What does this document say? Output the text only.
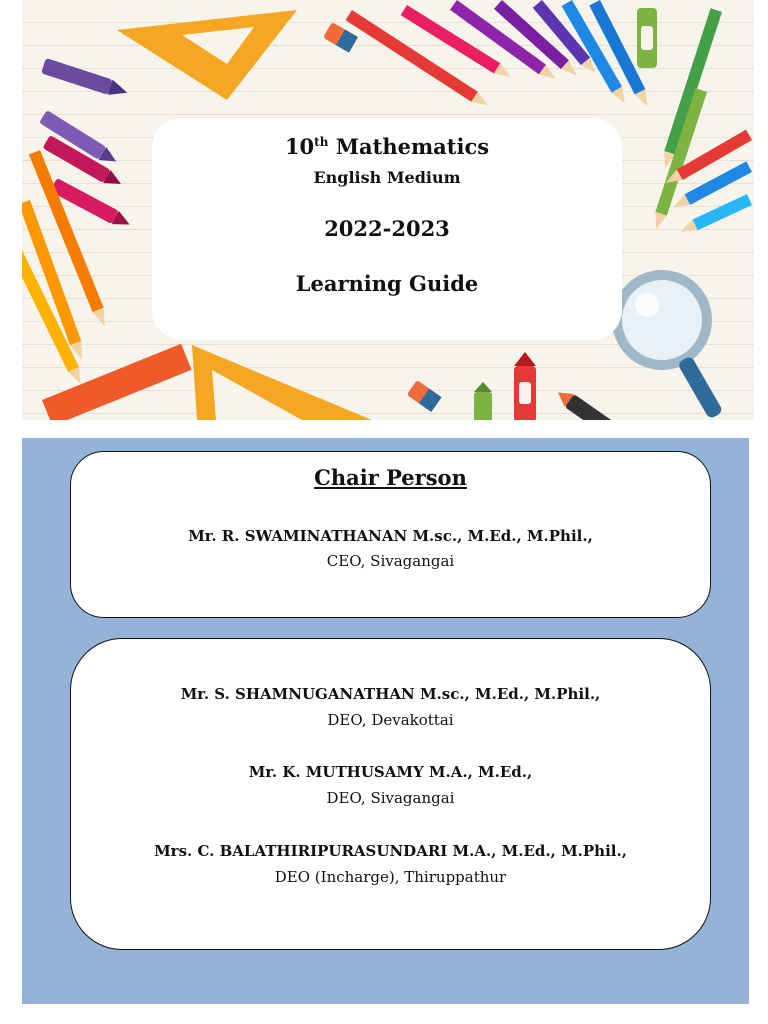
10th Mathematics
English Medium
2022-2023
Learning Guide
Chair Person
Mr. R. SWAMINATHANAN M.sc., M.Ed., M.Phil.,
CEO, Sivagangai
Mr. S. SHAMNUGANATHAN M.sc., M.Ed., M.Phil.,
DEO, Devakottai
Mr. K. MUTHUSAMY M.A., M.Ed.,
DEO, Sivagangai
Mrs. C. BALATHIRIPURASUNDARI M.A., M.Ed., M.Phil.,
DEO (Incharge), Thiruppathur
